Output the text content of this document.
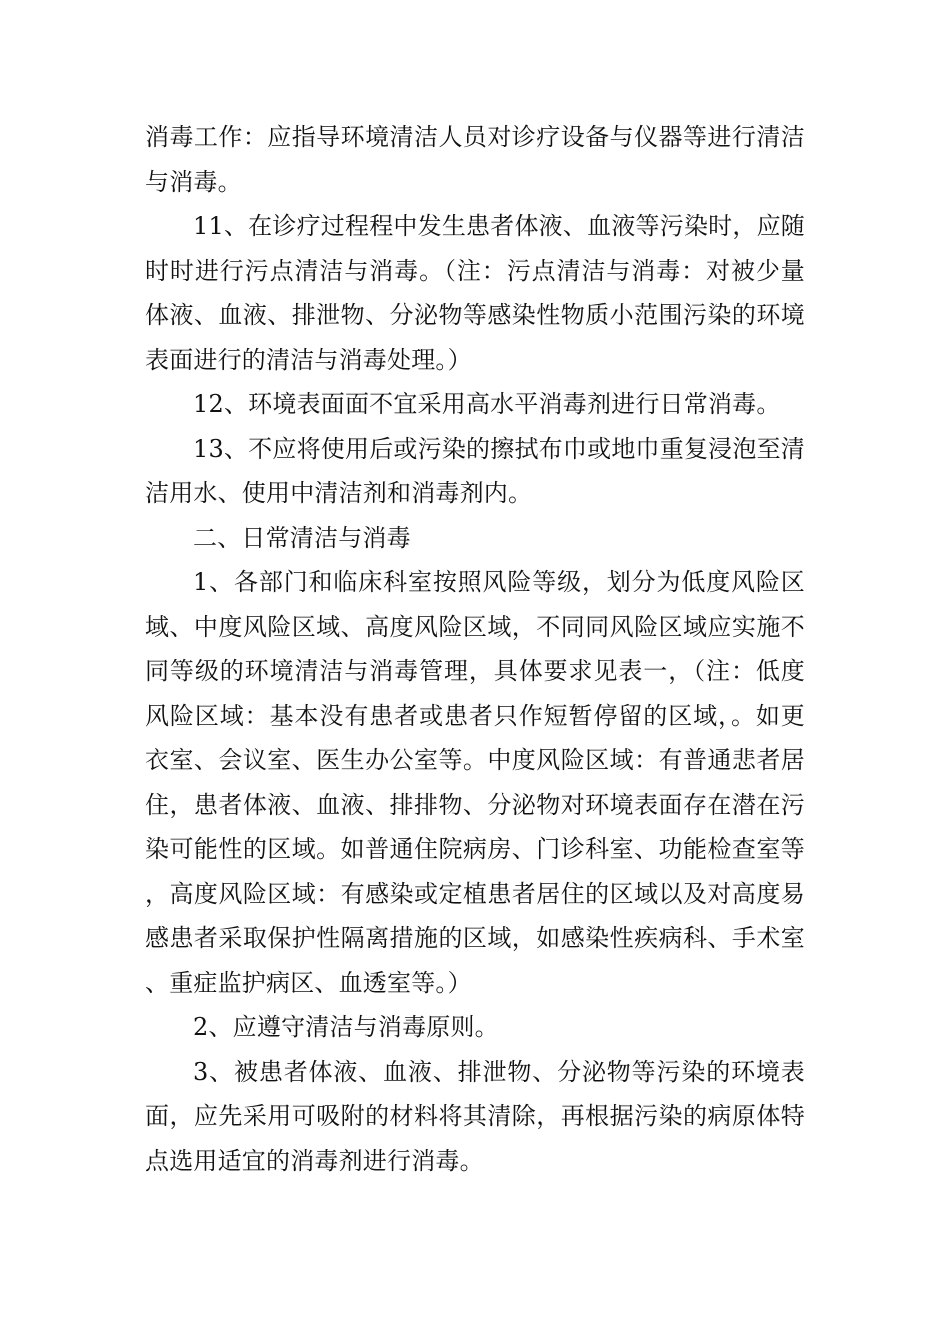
消毒工作：应指导环境清洁人员对诊疗设备与仪器等进行清洁与消毒。

11、在诊疗过程程中发生患者体液、血液等污染时，应随时时进行污点清洁与消毒。（注：污点清洁与消毒：对被少量体液、血液、排泄物、分泌物等感染性物质小范围污染的环境表面进行的清洁与消毒处理。）

12、环境表面面不宜采用高水平消毒剂进行日常消毒。

13、不应将使用后或污染的擦拭布巾或地巾重复浸泡至清洁用水、使用中清洁剂和消毒剂内。

二、日常清洁与消毒

1、各部门和临床科室按照风险等级，划分为低度风险区域、中度风险区域、高度风险区域，不同同风险区域应实施不同等级的环境清洁与消毒管理，具体要求见表一，（注：低度风险区域：基本没有患者或患者只作短暂停留的区域，。如更衣室、会议室、医生办公室等。中度风险区域：有普通悲者居住，患者体液、血液、排排物、分泌物对环境表面存在潜在污染可能性的区域。如普通住院病房、门诊科室、功能检查室等，高度风险区域：有感染或定植患者居住的区域以及对高度易感患者采取保护性隔离措施的区域，如感染性疾病科、手术室、重症监护病区、血透室等。）

2、应遵守清洁与消毒原则。

3、被患者体液、血液、排泄物、分泌物等污染的环境表面，应先采用可吸附的材料将其清除，再根据污染的病原体特点选用适宜的消毒剂进行消毒。
